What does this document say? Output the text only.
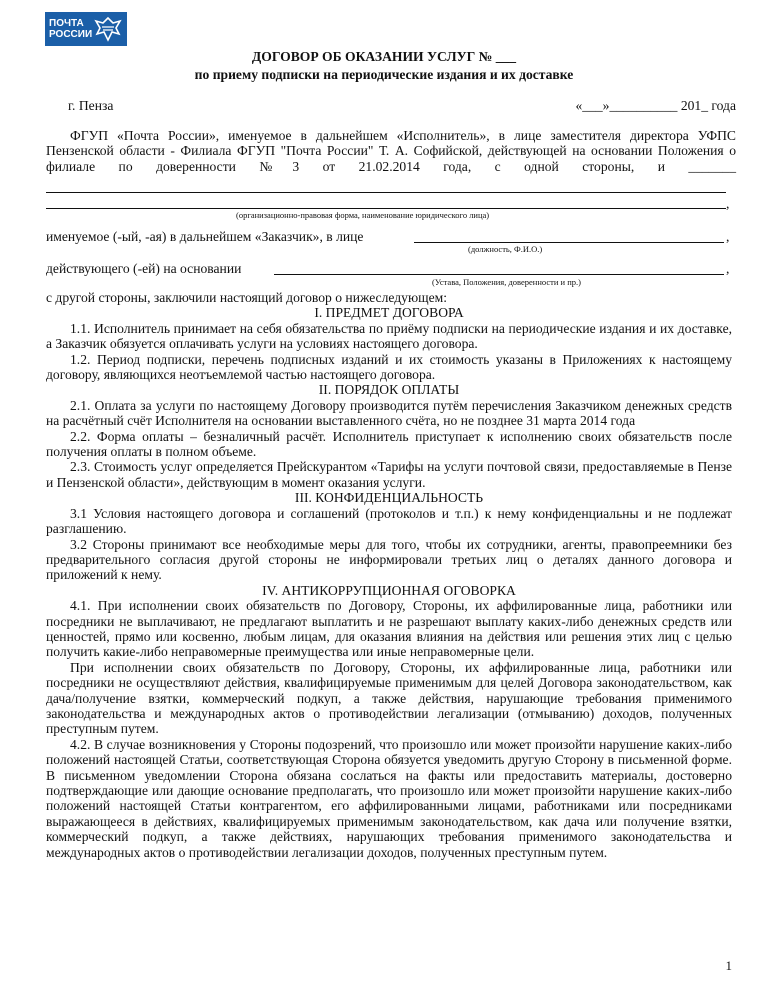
ПОЧТА
РОССИИ
ДОГОВОР ОБ ОКАЗАНИИ УСЛУГ № ___
по приему подписки на периодические издания и их доставке
г. Пенза	«___»__________ 201_ года
ФГУП «Почта России», именуемое в дальнейшем «Исполнитель», в лице заместителя директора УФПС Пензенской области - Филиала ФГУП "Почта России" Т. А. Софийской, действующей на основании Положения о филиале по доверенности №3 от 21.02.2014 года, с одной стороны, и _______
,
(организационно-правовая форма, наименование юридического лица)
именуемое (-ый, -ая) в дальнейшем «Заказчик», в лице	,
(должность, Ф.И.О.)
действующего (-ей) на основании	,
(Устава, Положения, доверенности и пр.)
с другой стороны, заключили настоящий договор о нижеследующем:
I. ПРЕДМЕТ ДОГОВОРА
1.1. Исполнитель принимает на себя обязательства по приёму подписки на периодические издания и их доставке, а Заказчик обязуется оплачивать услуги на условиях настоящего договора.
1.2. Период подписки, перечень подписных изданий и их стоимость указаны в Приложениях к настоящему договору, являющихся неотъемлемой частью настоящего договора.
II. ПОРЯДОК ОПЛАТЫ
2.1. Оплата за услуги по настоящему Договору производится путём перечисления Заказчиком денежных средств на расчётный счёт Исполнителя на основании выставленного счёта, но не позднее 31 марта 2014 года
2.2. Форма оплаты – безналичный расчёт. Исполнитель приступает к исполнению своих обязательств после получения оплаты в полном объеме.
2.3. Стоимость услуг определяется Прейскурантом «Тарифы на услуги почтовой связи, предоставляемые в Пензе и Пензенской области», действующим в момент оказания услуги.
III. КОНФИДЕНЦИАЛЬНОСТЬ
3.1 Условия настоящего договора и соглашений (протоколов и т.п.) к нему конфиденциальны и не подлежат разглашению.
3.2 Стороны принимают все необходимые меры для того, чтобы их сотрудники, агенты, правопреемники без предварительного согласия другой стороны не информировали третьих лиц о деталях данного договора и приложений к нему.
IV. АНТИКОРРУПЦИОННАЯ ОГОВОРКА
4.1. При исполнении своих обязательств по Договору, Стороны, их аффилированные лица, работники или посредники не выплачивают, не предлагают выплатить и не разрешают выплату каких-либо денежных средств или ценностей, прямо или косвенно, любым лицам, для оказания влияния на действия или решения этих лиц с целью получить какие-либо неправомерные преимущества или иные неправомерные цели.
При исполнении своих обязательств по Договору, Стороны, их аффилированные лица, работники или посредники не осуществляют действия, квалифицируемые применимым для целей Договора законодательством, как дача/получение взятки, коммерческий подкуп, а также действия, нарушающие требования применимого законодательства и международных актов о противодействии легализации (отмыванию) доходов, полученных преступным путем.
4.2. В случае возникновения у Стороны подозрений, что произошло или может произойти нарушение каких-либо положений настоящей Статьи, соответствующая Сторона обязуется уведомить другую Сторону в письменной форме. В письменном уведомлении Сторона обязана сослаться на факты или предоставить материалы, достоверно подтверждающие или дающие основание предполагать, что произошло или может произойти нарушение каких-либо положений настоящей Статьи контрагентом, его аффилированными лицами, работниками или посредниками выражающееся в действиях, квалифицируемых применимым законодательством, как дача или получение взятки, коммерческий подкуп, а также действиях, нарушающих требования применимого законодательства и международных актов о противодействии легализации доходов, полученных преступным путем.
1
